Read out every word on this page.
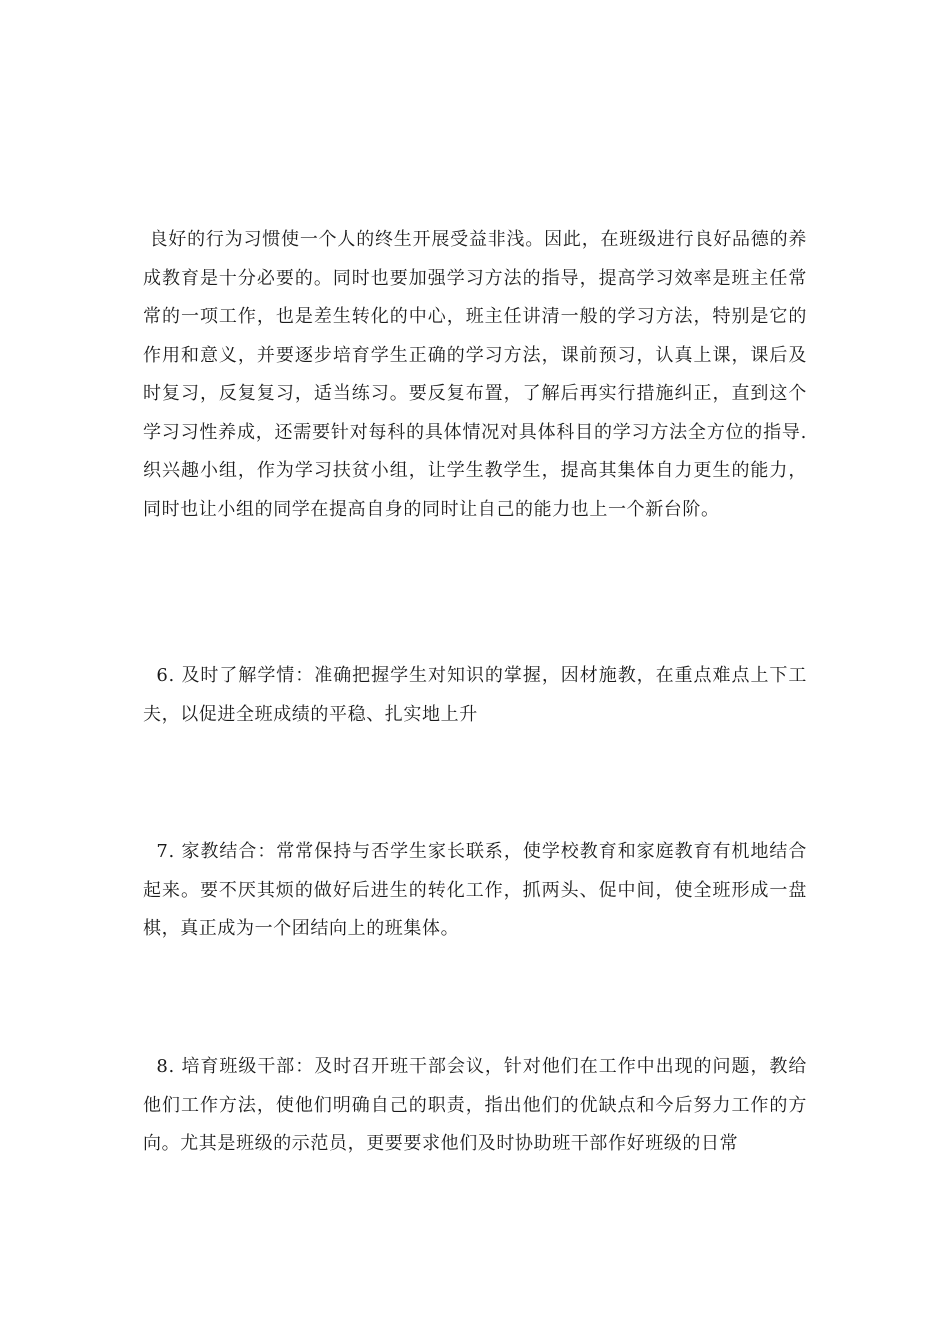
良好的行为习惯使一个人的终生开展受益非浅。因此，在班级进行良好品德的养成教育是十分必要的。同时也要加强学习方法的指导，提高学习效率是班主任常常的一项工作，也是差生转化的中心，班主任讲清一般的学习方法，特别是它的作用和意义，并要逐步培育学生正确的学习方法，课前预习，认真上课，课后及时复习，反复复习，适当练习。要反复布置，了解后再实行措施纠正，直到这个学习习性养成，还需要针对每科的具体情况对具体科目的学习方法全方位的指导.织兴趣小组，作为学习扶贫小组，让学生教学生，提高其集体自力更生的能力，同时也让小组的同学在提高自身的同时让自己的能力也上一个新台阶。

6. 及时了解学情：准确把握学生对知识的掌握，因材施教，在重点难点上下工夫，以促进全班成绩的平稳、扎实地上升

7. 家教结合：常常保持与否学生家长联系，使学校教育和家庭教育有机地结合起来。要不厌其烦的做好后进生的转化工作，抓两头、促中间，使全班形成一盘棋，真正成为一个团结向上的班集体。

8. 培育班级干部：及时召开班干部会议，针对他们在工作中出现的问题，教给他们工作方法，使他们明确自己的职责，指出他们的优缺点和今后努力工作的方向。尤其是班级的示范员，更要要求他们及时协助班干部作好班级的日常
